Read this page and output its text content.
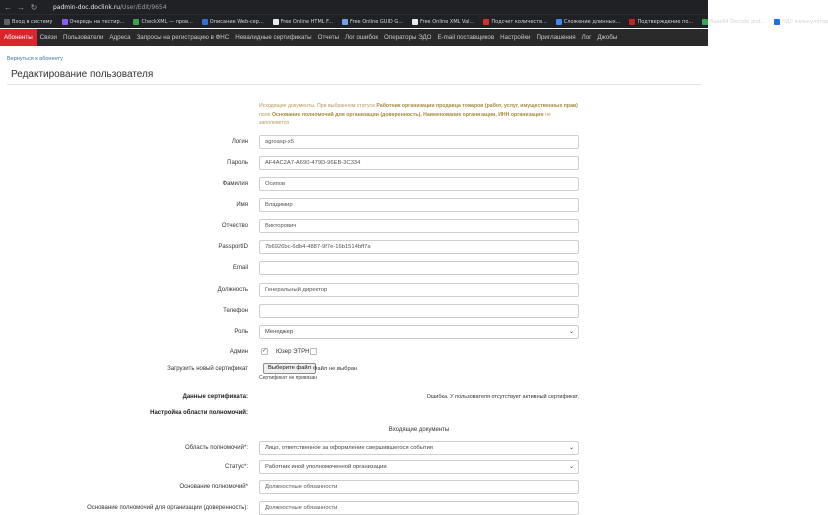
← → ↻	padmin-doc.doclink.ru/User/Edit/9654
Вход в систему	Очередь на тестир...	CheckXML — пров...	Описание Web-сер...	Free Online HTML F...	Free Online GUID G...	Free Online XML Val...	Подсчет количеств...	Сложение длинных...	Подтверждение по...	Base64 Decode and...	НДС калькулятор
Абоненты	Связи Пользователи Адреса Запросы на регистрацию в ФНС Невалидные сертификаты Отчеты Лог ошибок Операторы ЭДО E-mail поставщиков Настройки Приглашения Лог Джобы
Вернуться к абоненту
Редактирование пользователя
Исходящие документы. При выбранном статусе Работник организации продавца товаров (работ, услуг, имущественных прав) поле Основание полномочий для организации (доверенность), Наименование организации, ИНН организации не заполняется
Логин	agroasp-x5
Пароль	AF4AC2A7-A690-479D-96EB-3C334
Фамилия	Осипов
Имя	Владимир
Отчество	Викторович
PassportID	7b6926bc-6db4-4887-9f7e-16b1514bff7a
Email
Должность	Генеральный директор
Телефон
Роль	Менеджер	⌄
Админ ✓ Юзер ЭТРН
Загрузить новый сертификат	Выберите файл Файл не выбран
Сертификат не привязан
Данные сертификата:	Ошибка. У пользователя отсутствует активный сертификат.
Настройка области полномочий:
Входящие документы
Область полномочий*:	Лицо, ответственное за оформление свершившегося события	⌄
Статус*:	Работник иной уполномоченной организации	⌄
Основание полномочий*	Должностные обязанности
Основание полномочий для организации (доверенность):	Должностные обязанности
